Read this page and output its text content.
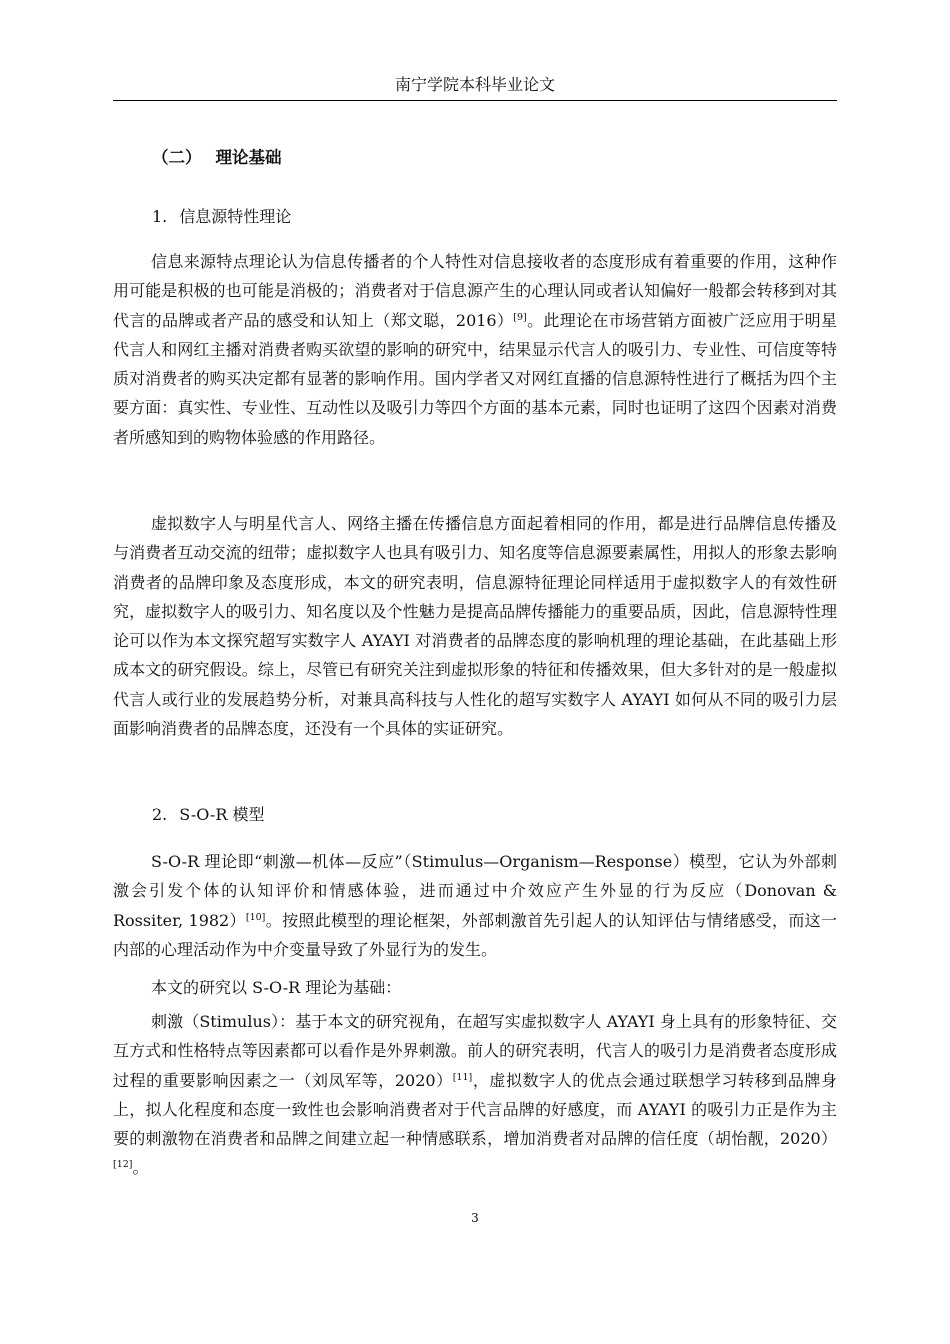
南宁学院本科毕业论文
（二） 理论基础
1. 信息源特性理论

信息来源特点理论认为信息传播者的个人特性对信息接收者的态度形成有着重要的作用，这种作用可能是积极的也可能是消极的；消费者对于信息源产生的心理认同或者认知偏好一般都会转移到对其代言的品牌或者产品的感受和认知上（郑文聪，2016）[9]。此理论在市场营销方面被广泛应用于明星代言人和网红主播对消费者购买欲望的影响的研究中，结果显示代言人的吸引力、专业性、可信度等特质对消费者的购买决定都有显著的影响作用。国内学者又对网红直播的信息源特性进行了概括为四个主要方面：真实性、专业性、互动性以及吸引力等四个方面的基本元素，同时也证明了这四个因素对消费者所感知到的购物体验感的作用路径。

虚拟数字人与明星代言人、网络主播在传播信息方面起着相同的作用，都是进行品牌信息传播及与消费者互动交流的纽带；虚拟数字人也具有吸引力、知名度等信息源要素属性，用拟人的形象去影响消费者的品牌印象及态度形成，本文的研究表明，信息源特征理论同样适用于虚拟数字人的有效性研究，虚拟数字人的吸引力、知名度以及个性魅力是提高品牌传播能力的重要品质，因此，信息源特性理论可以作为本文探究超写实数字人 AYAYI 对消费者的品牌态度的影响机理的理论基础，在此基础上形成本文的研究假设。综上，尽管已有研究关注到虚拟形象的特征和传播效果，但大多针对的是一般虚拟代言人或行业的发展趋势分析，对兼具高科技与人性化的超写实数字人 AYAYI 如何从不同的吸引力层面影响消费者的品牌态度，还没有一个具体的实证研究。

2. S-O-R 模型

S-O-R 理论即“刺激—机体—反应”（Stimulus—Organism—Response）模型，它认为外部刺激会引发个体的认知评价和情感体验，进而通过中介效应产生外显的行为反应（Donovan & Rossiter, 1982）[10]。按照此模型的理论框架，外部刺激首先引起人的认知评估与情绪感受，而这一内部的心理活动作为中介变量导致了外显行为的发生。

本文的研究以 S-O-R 理论为基础：

刺激（Stimulus）：基于本文的研究视角，在超写实虚拟数字人 AYAYI 身上具有的形象特征、交互方式和性格特点等因素都可以看作是外界刺激。前人的研究表明，代言人的吸引力是消费者态度形成过程的重要影响因素之一（刘凤军等，2020）[11]，虚拟数字人的优点会通过联想学习转移到品牌身上，拟人化程度和态度一致性也会影响消费者对于代言品牌的好感度，而 AYAYI 的吸引力正是作为主要的刺激物在消费者和品牌之间建立起一种情感联系，增加消费者对品牌的信任度（胡怡靓，2020）[12]。

3
